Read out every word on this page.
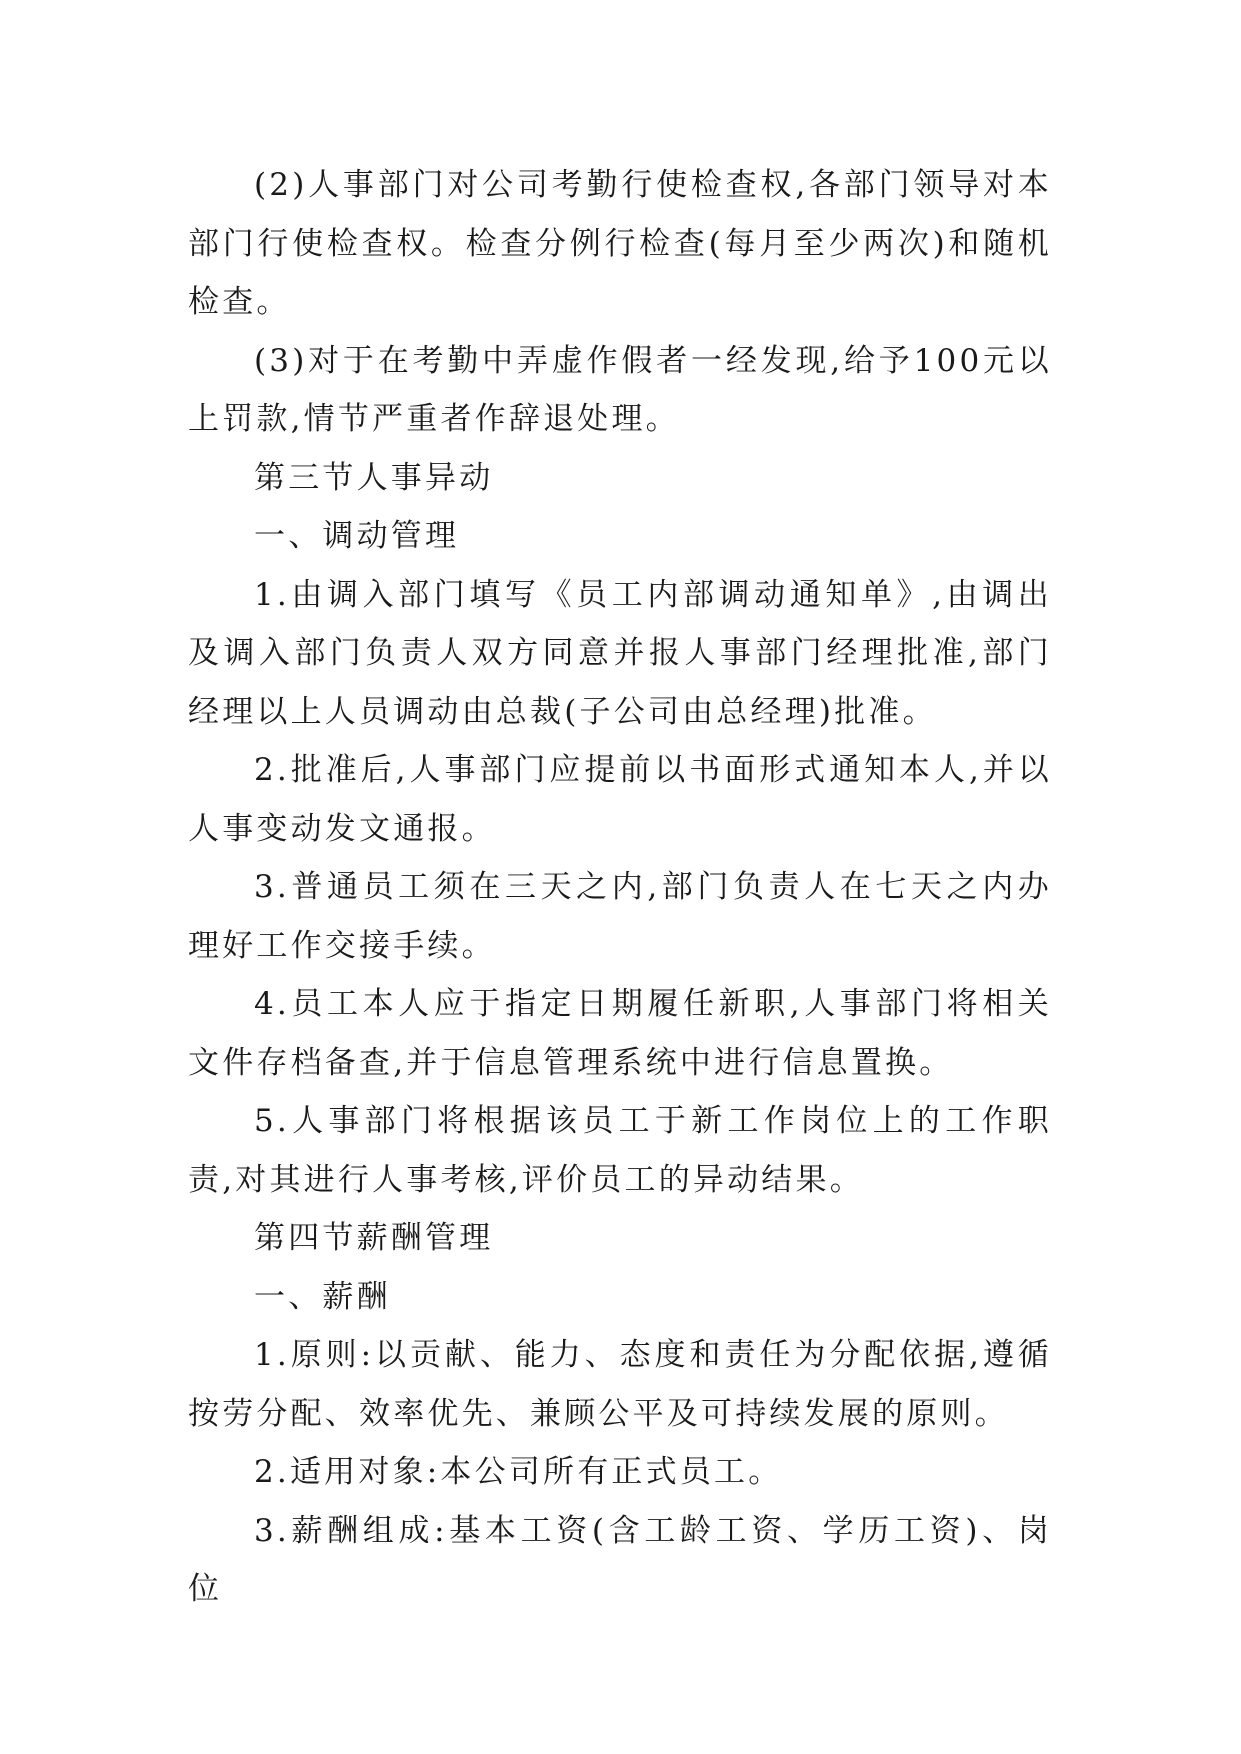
(2)人事部门对公司考勤行使检查权,各部门领导对本部门行使检查权。检查分例行检查(每月至少两次)和随机检查。

(3)对于在考勤中弄虚作假者一经发现,给予100元以上罚款,情节严重者作辞退处理。

第三节人事异动

一、调动管理

1.由调入部门填写《员工内部调动通知单》,由调出及调入部门负责人双方同意并报人事部门经理批准,部门经理以上人员调动由总裁(子公司由总经理)批准。

2.批准后,人事部门应提前以书面形式通知本人,并以人事变动发文通报。

3.普通员工须在三天之内,部门负责人在七天之内办理好工作交接手续。

4.员工本人应于指定日期履任新职,人事部门将相关文件存档备查,并于信息管理系统中进行信息置换。

5.人事部门将根据该员工于新工作岗位上的工作职责,对其进行人事考核,评价员工的异动结果。

第四节薪酬管理

一、薪酬

1.原则:以贡献、能力、态度和责任为分配依据,遵循按劳分配、效率优先、兼顾公平及可持续发展的原则。

2.适用对象:本公司所有正式员工。

3.薪酬组成:基本工资(含工龄工资、学历工资)、岗位
